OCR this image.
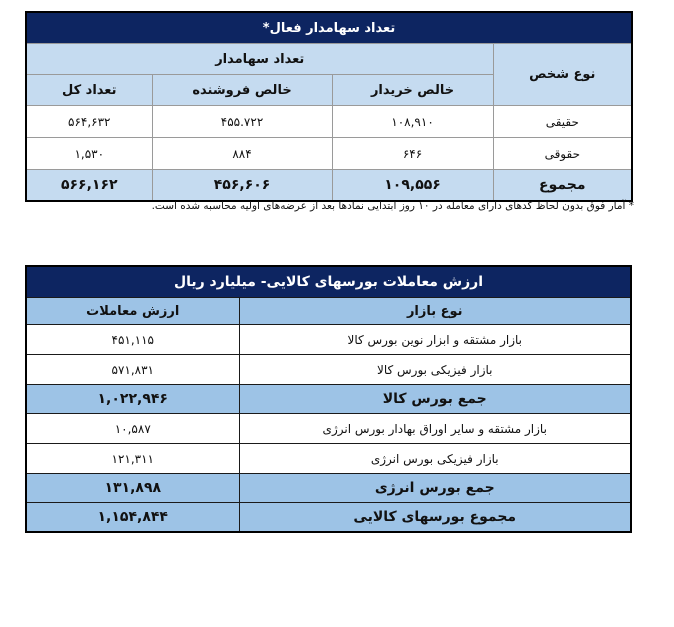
تعداد سهامدار فعال*			
نوع شخص	تعداد سهامدار		
	خالص خریدار	خالص فروشنده	تعداد کل
حقیقی	۱۰۸,۹۱۰	۴۵۵.۷۲۲	۵۶۴,۶۳۲
حقوقی	۶۴۶	۸۸۴	۱,۵۳۰
مجموع	۱۰۹,۵۵۶	۴۵۶,۶۰۶	۵۶۶,۱۶۲
* آمار فوق بدون لحاظ کدهای دارای معامله در ۱۰ روز ابتدایی نمادها بعد از عرضه‌های اولیه محاسبه شده است.
ارزش معاملات بورسهای کالایی- میلیارد ریال	
نوع بازار	ارزش معاملات
بازار مشتقه و ابزار نوین بورس کالا	۴۵۱,۱۱۵
بازار فیزیکی بورس کالا	۵۷۱,۸۳۱
جمع بورس کالا	۱,۰۲۲,۹۴۶
بازار مشتقه و سایر اوراق بهادار بورس انرژی	۱۰,۵۸۷
بازار فیزیکی بورس انرژی	۱۲۱,۳۱۱
جمع بورس انرژی	۱۳۱,۸۹۸
مجموع بورسهای کالایی	۱,۱۵۴,۸۴۴
